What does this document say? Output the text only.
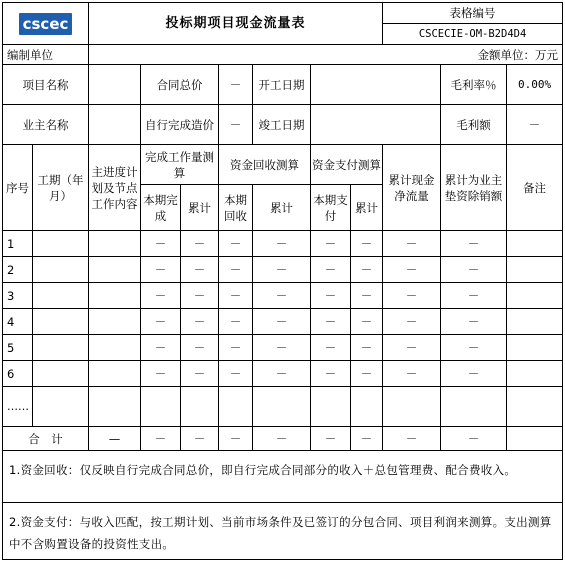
cscec		投标期项目现金流量表							表格编号		
									CSCECIE-OM-B2D4D4		
编制单位									金额单位：万元		
项目名称			合同总价		－	开工日期				毛利率％	0.00%
业主名称			自行完成造价		－	竣工日期				毛利额	－
序号	工期（年月）	主进度计划及节点工作内容	完成工作量测算		资金回收测算		资金支付测算		累计现金净流量	累计为业主垫资除销额	备注
			本期完成	累计	本期回收	累计	本期支付	累计			
1			－	－	－	－	－	－	－	－	
2			－	－	－	－	－	－	－	－	
3			－	－	－	－	－	－	－	－	
4			－	－	－	－	－	－	－	－	
5			－	－	－	－	－	－	－	－	
6			－	－	－	－	－	－	－	－	
……											
合　计		—	－	－	－	－	－	－	－	－	
1.资金回收：仅反映自行完成合同总价，即自行完成合同部分的收入＋总包管理费、配合费收入。											
2.资金支付：与收入匹配，按工期计划、当前市场条件及已签订的分包合同、项目利润来测算。支出测算中不含购置设备的投资性支出。											
